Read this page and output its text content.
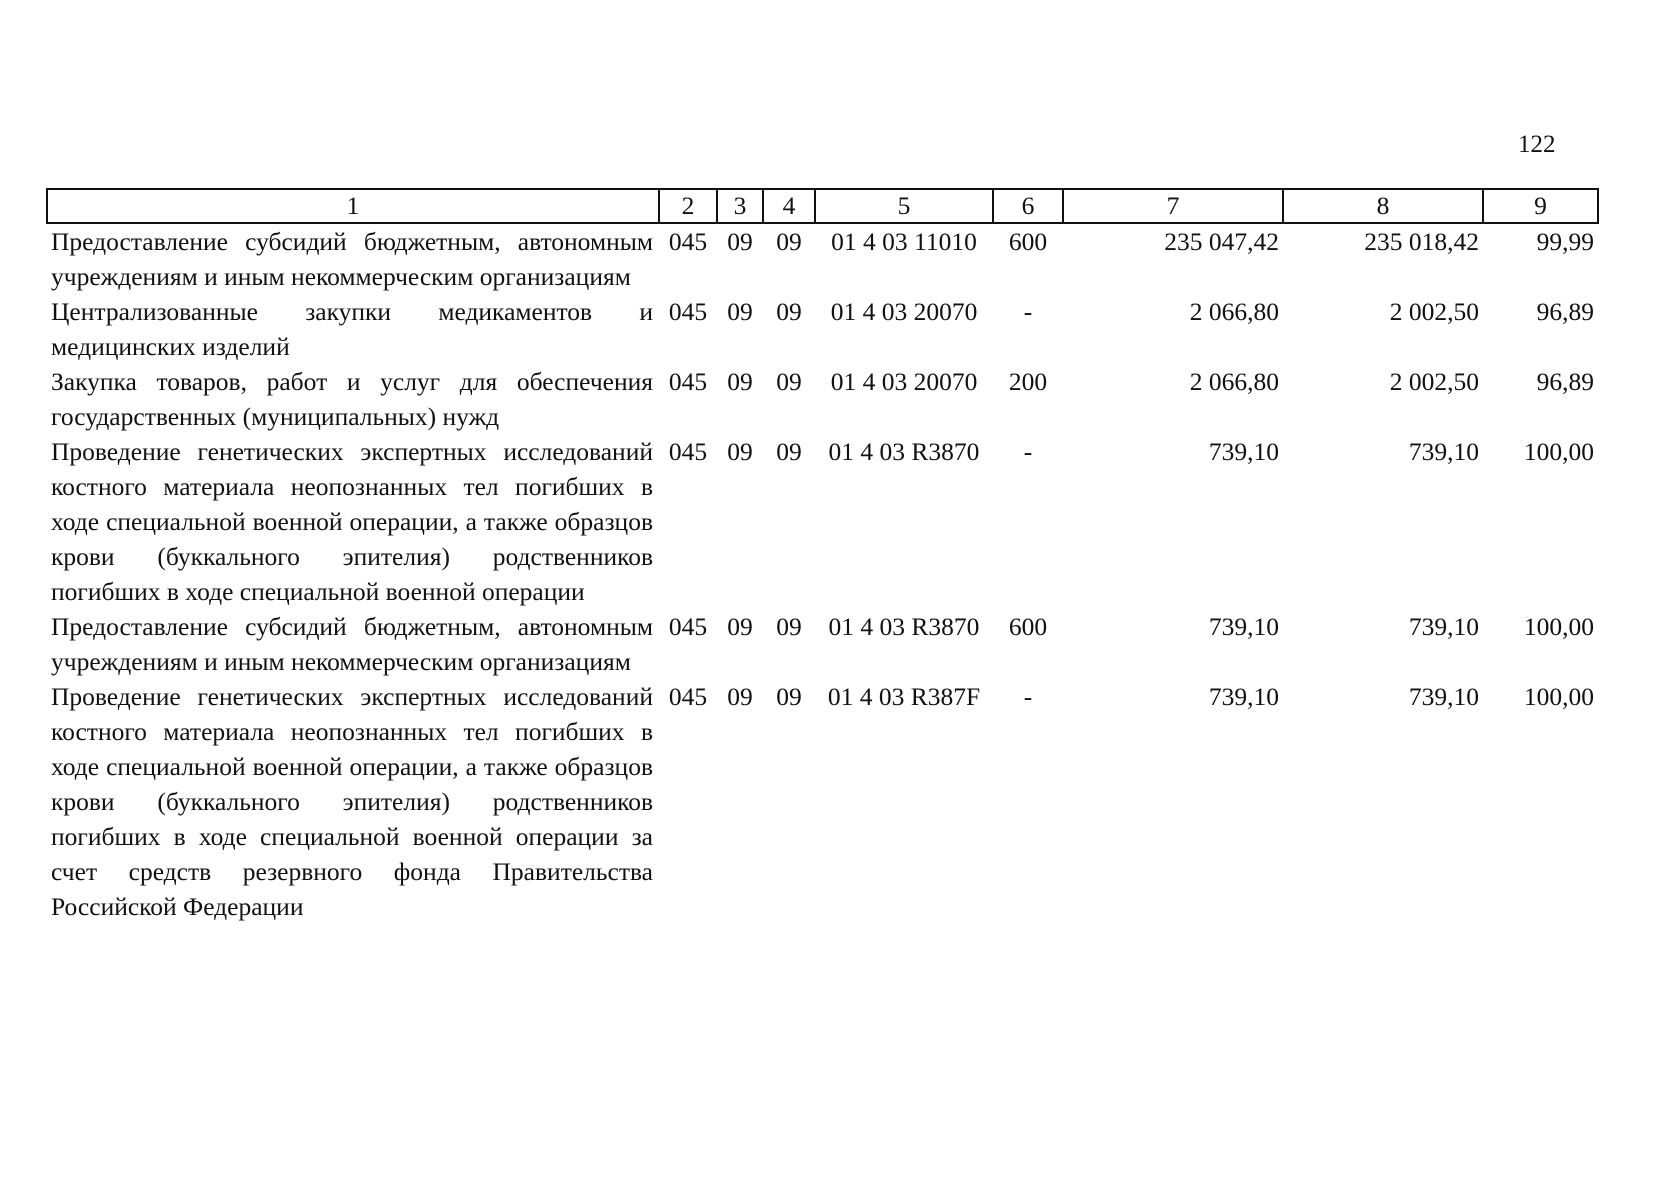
122
1	2	3	4	5	6	7	8	9
Предоставление субсидий бюджетным, автономным учреждениям и иным некоммерческим организациям	045	09	09	01 4 03 11010	600	235 047,42	235 018,42	99,99
Централизованные закупки медикаментов и медицинских изделий	045	09	09	01 4 03 20070	-	2 066,80	2 002,50	96,89
Закупка товаров, работ и услуг для обеспечения государственных (муниципальных) нужд	045	09	09	01 4 03 20070	200	2 066,80	2 002,50	96,89
Проведение генетических экспертных исследований костного материала неопознанных тел погибших в ходе специальной военной операции, а также образцов крови (буккального эпителия) родственников погибших в ходе специальной военной операции	045	09	09	01 4 03 R3870	-	739,10	739,10	100,00
Предоставление субсидий бюджетным, автономным учреждениям и иным некоммерческим организациям	045	09	09	01 4 03 R3870	600	739,10	739,10	100,00
Проведение генетических экспертных исследований костного материала неопознанных тел погибших в ходе специальной военной операции, а также образцов крови (буккального эпителия) родственников погибших в ходе специальной военной операции за счет средств резервного фонда Правительства Российской Федерации	045	09	09	01 4 03 R387F	-	739,10	739,10	100,00
